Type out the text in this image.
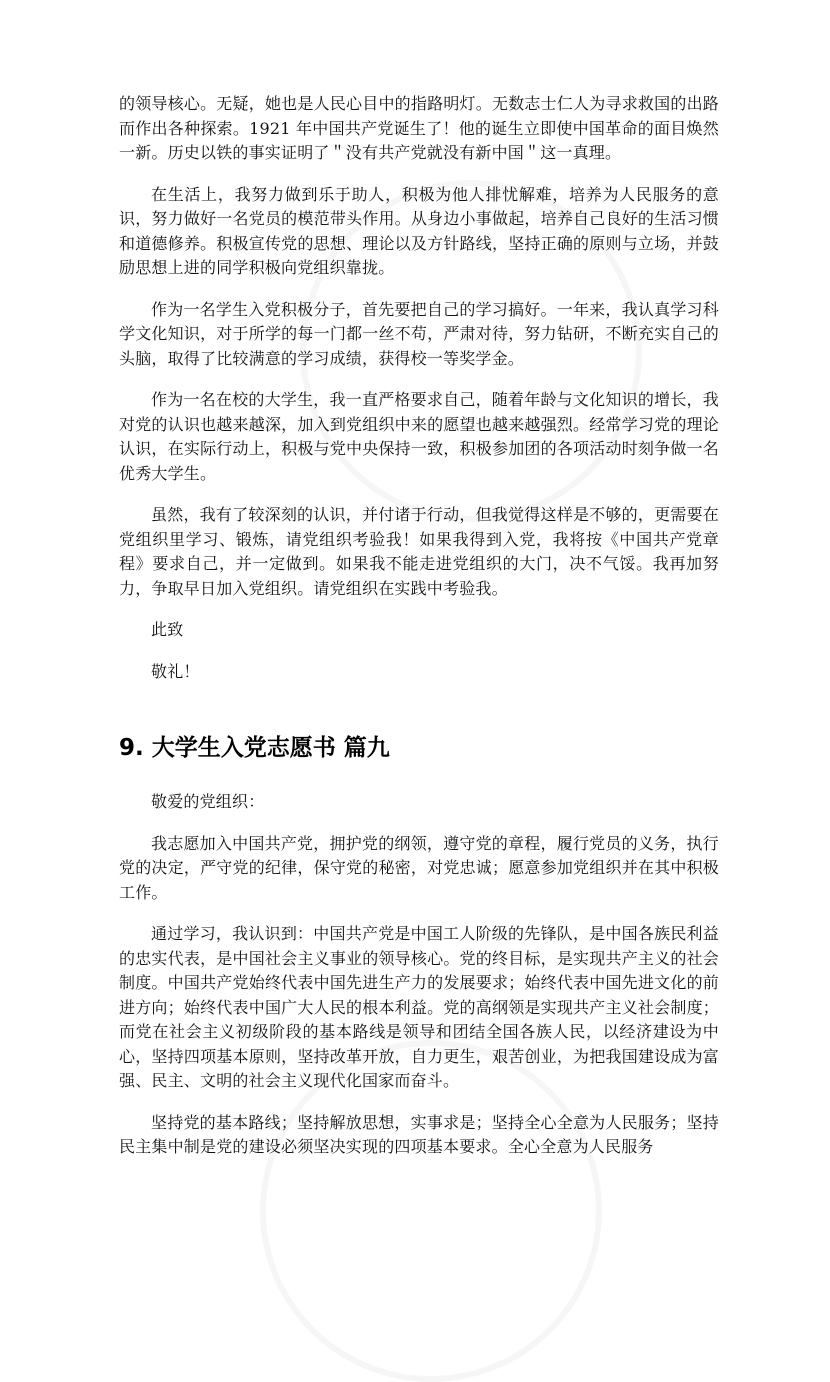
的领导核心。无疑，她也是人民心目中的指路明灯。无数志士仁人为寻求救国的出路而作出各种探索。1921 年中国共产党诞生了！他的诞生立即使中国革命的面目焕然一新。历史以铁的事实证明了＂没有共产党就没有新中国＂这一真理。

在生活上，我努力做到乐于助人，积极为他人排忧解难，培养为人民服务的意识，努力做好一名党员的模范带头作用。从身边小事做起，培养自己良好的生活习惯和道德修养。积极宣传党的思想、理论以及方针路线，坚持正确的原则与立场，并鼓励思想上进的同学积极向党组织靠拢。

作为一名学生入党积极分子，首先要把自己的学习搞好。一年来，我认真学习科学文化知识，对于所学的每一门都一丝不苟，严肃对待，努力钻研，不断充实自己的头脑，取得了比较满意的学习成绩，获得校一等奖学金。

作为一名在校的大学生，我一直严格要求自己，随着年龄与文化知识的增长，我对党的认识也越来越深，加入到党组织中来的愿望也越来越强烈。经常学习党的理论认识，在实际行动上，积极与党中央保持一致，积极参加团的各项活动时刻争做一名优秀大学生。

虽然，我有了较深刻的认识，并付诸于行动，但我觉得这样是不够的，更需要在党组织里学习、锻炼，请党组织考验我！如果我得到入党，我将按《中国共产党章程》要求自己，并一定做到。如果我不能走进党组织的大门，决不气馁。我再加努力，争取早日加入党组织。请党组织在实践中考验我。

此致

敬礼！

9. 大学生入党志愿书 篇九

敬爱的党组织：

我志愿加入中国共产党，拥护党的纲领，遵守党的章程，履行党员的义务，执行党的决定，严守党的纪律，保守党的秘密，对党忠诚；愿意参加党组织并在其中积极工作。

通过学习，我认识到：中国共产党是中国工人阶级的先锋队，是中国各族民利益的忠实代表，是中国社会主义事业的领导核心。党的终目标，是实现共产主义的社会制度。中国共产党始终代表中国先进生产力的发展要求；始终代表中国先进文化的前进方向；始终代表中国广大人民的根本利益。党的高纲领是实现共产主义社会制度；而党在社会主义初级阶段的基本路线是领导和团结全国各族人民，以经济建设为中心，坚持四项基本原则，坚持改革开放，自力更生，艰苦创业，为把我国建设成为富强、民主、文明的社会主义现代化国家而奋斗。

坚持党的基本路线；坚持解放思想，实事求是；坚持全心全意为人民服务；坚持民主集中制是党的建设必须坚决实现的四项基本要求。全心全意为人民服务
